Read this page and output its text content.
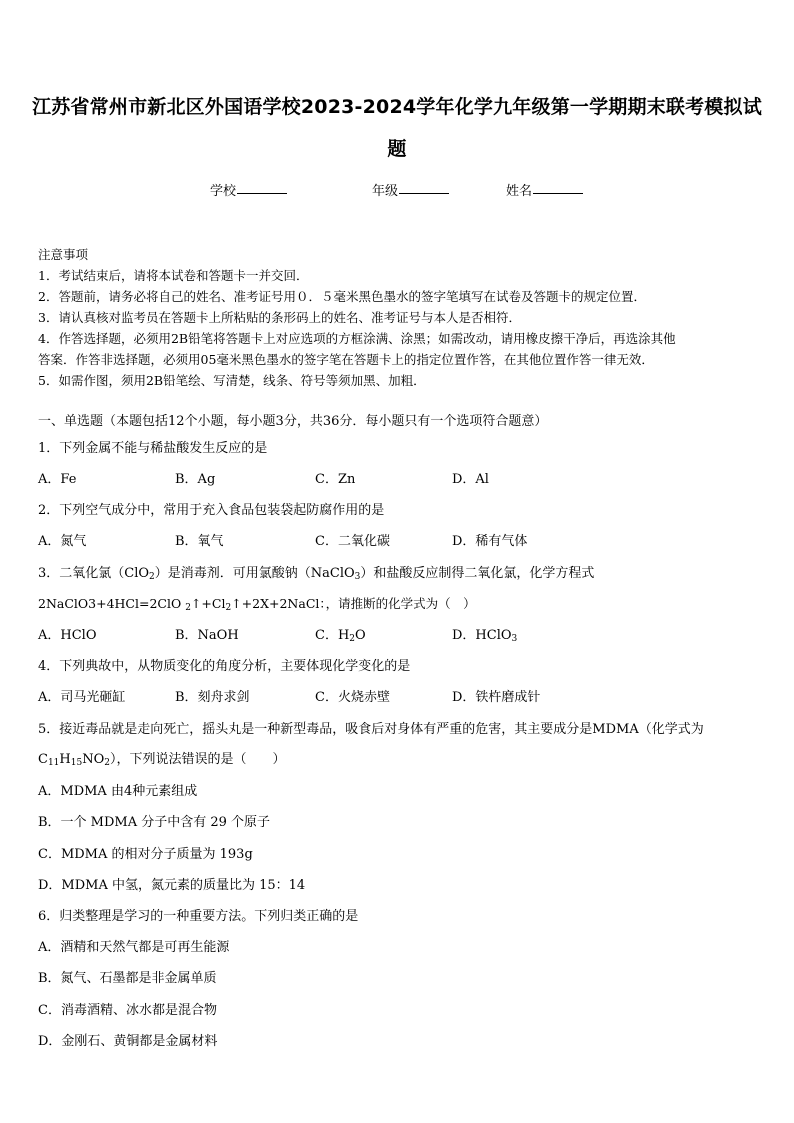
江苏省常州市新北区外国语学校2023-2024学年化学九年级第一学期期末联考模拟试
题
学校	年级	姓名
注意事项
1．考试结束后，请将本试卷和答题卡一并交回．
2．答题前，请务必将自己的姓名、准考证号用０．５毫米黑色墨水的签字笔填写在试卷及答题卡的规定位置．
3．请认真核对监考员在答题卡上所粘贴的条形码上的姓名、准考证号与本人是否相符．
4．作答选择题，必须用2B铅笔将答题卡上对应选项的方框涂满、涂黑；如需改动，请用橡皮擦干净后，再选涂其他
答案．作答非选择题，必须用05毫米黑色墨水的签字笔在答题卡上的指定位置作答，在其他位置作答一律无效．
5．如需作图，须用2B铅笔绘、写清楚，线条、符号等须加黑、加粗．
一、单选题（本题包括12个小题，每小题3分，共36分．每小题只有一个选项符合题意）
1．下列金属不能与稀盐酸发生反应的是
A．Fe	B．Ag	C．Zn	D．Al
2．下列空气成分中，常用于充入食品包装袋起防腐作用的是
A．氮气	B．氧气	C．二氧化碳	D．稀有气体
3．二氧化氯（ClO$_2$）是消毒剂．可用氯酸钠（NaClO$_3$）和盐酸反应制得二氧化氯，化学方程式
2NaClO3+4HCl=2ClO $_2↑+Cl_2↑+2X+2NaCl$：，请推断的化学式为（　）
A．HClO	B．NaOH	C．$H_2O$	D．HClO$_3$
4．下列典故中，从物质变化的角度分析，主要体现化学变化的是
A．司马光砸缸	B．刻舟求剑	C．火烧赤壁	D．铁杵磨成针
5．接近毒品就是走向死亡，摇头丸是一种新型毒品，吸食后对身体有严重的危害，其主要成分是MDMA（化学式为
$C_{11}H_{15}NO_2$），下列说法错误的是（　　）
A．MDMA 由4种元素组成
B．一个 MDMA 分子中含有 29 个原子
C．MDMA 的相对分子质量为 193g
D．MDMA 中氢，氮元素的质量比为 15：14
6．归类整理是学习的一种重要方法。下列归类正确的是
A．酒精和天然气都是可再生能源
B．氮气、石墨都是非金属单质
C．消毒酒精、冰水都是混合物
D．金刚石、黄铜都是金属材料
